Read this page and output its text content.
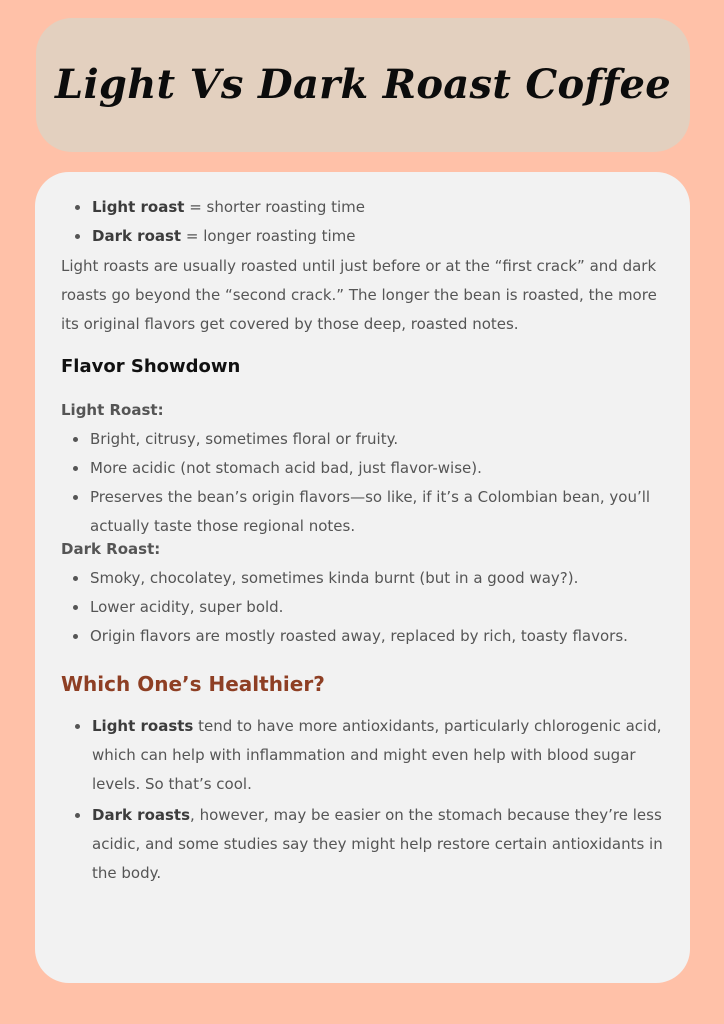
Light Vs Dark Roast Coffee
Light roast = shorter roasting time
Dark roast = longer roasting time

Light roasts are usually roasted until just before or at the “first crack” and dark roasts go beyond the “second crack.” The longer the bean is roasted, the more its original flavors get covered by those deep, roasted notes.

Flavor Showdown
Light Roast:
Bright, citrusy, sometimes floral or fruity.
More acidic (not stomach acid bad, just flavor-wise).
Preserves the bean’s origin flavors—so like, if it’s a Colombian bean, you’ll actually taste those regional notes.
Dark Roast:
Smoky, chocolatey, sometimes kinda burnt (but in a good way?).
Lower acidity, super bold.
Origin flavors are mostly roasted away, replaced by rich, toasty flavors.
Which One’s Healthier?
Light roasts tend to have more antioxidants, particularly chlorogenic acid, which can help with inflammation and might even help with blood sugar levels. So that’s cool.
Dark roasts, however, may be easier on the stomach because they’re less acidic, and some studies say they might help restore certain antioxidants in the body.
